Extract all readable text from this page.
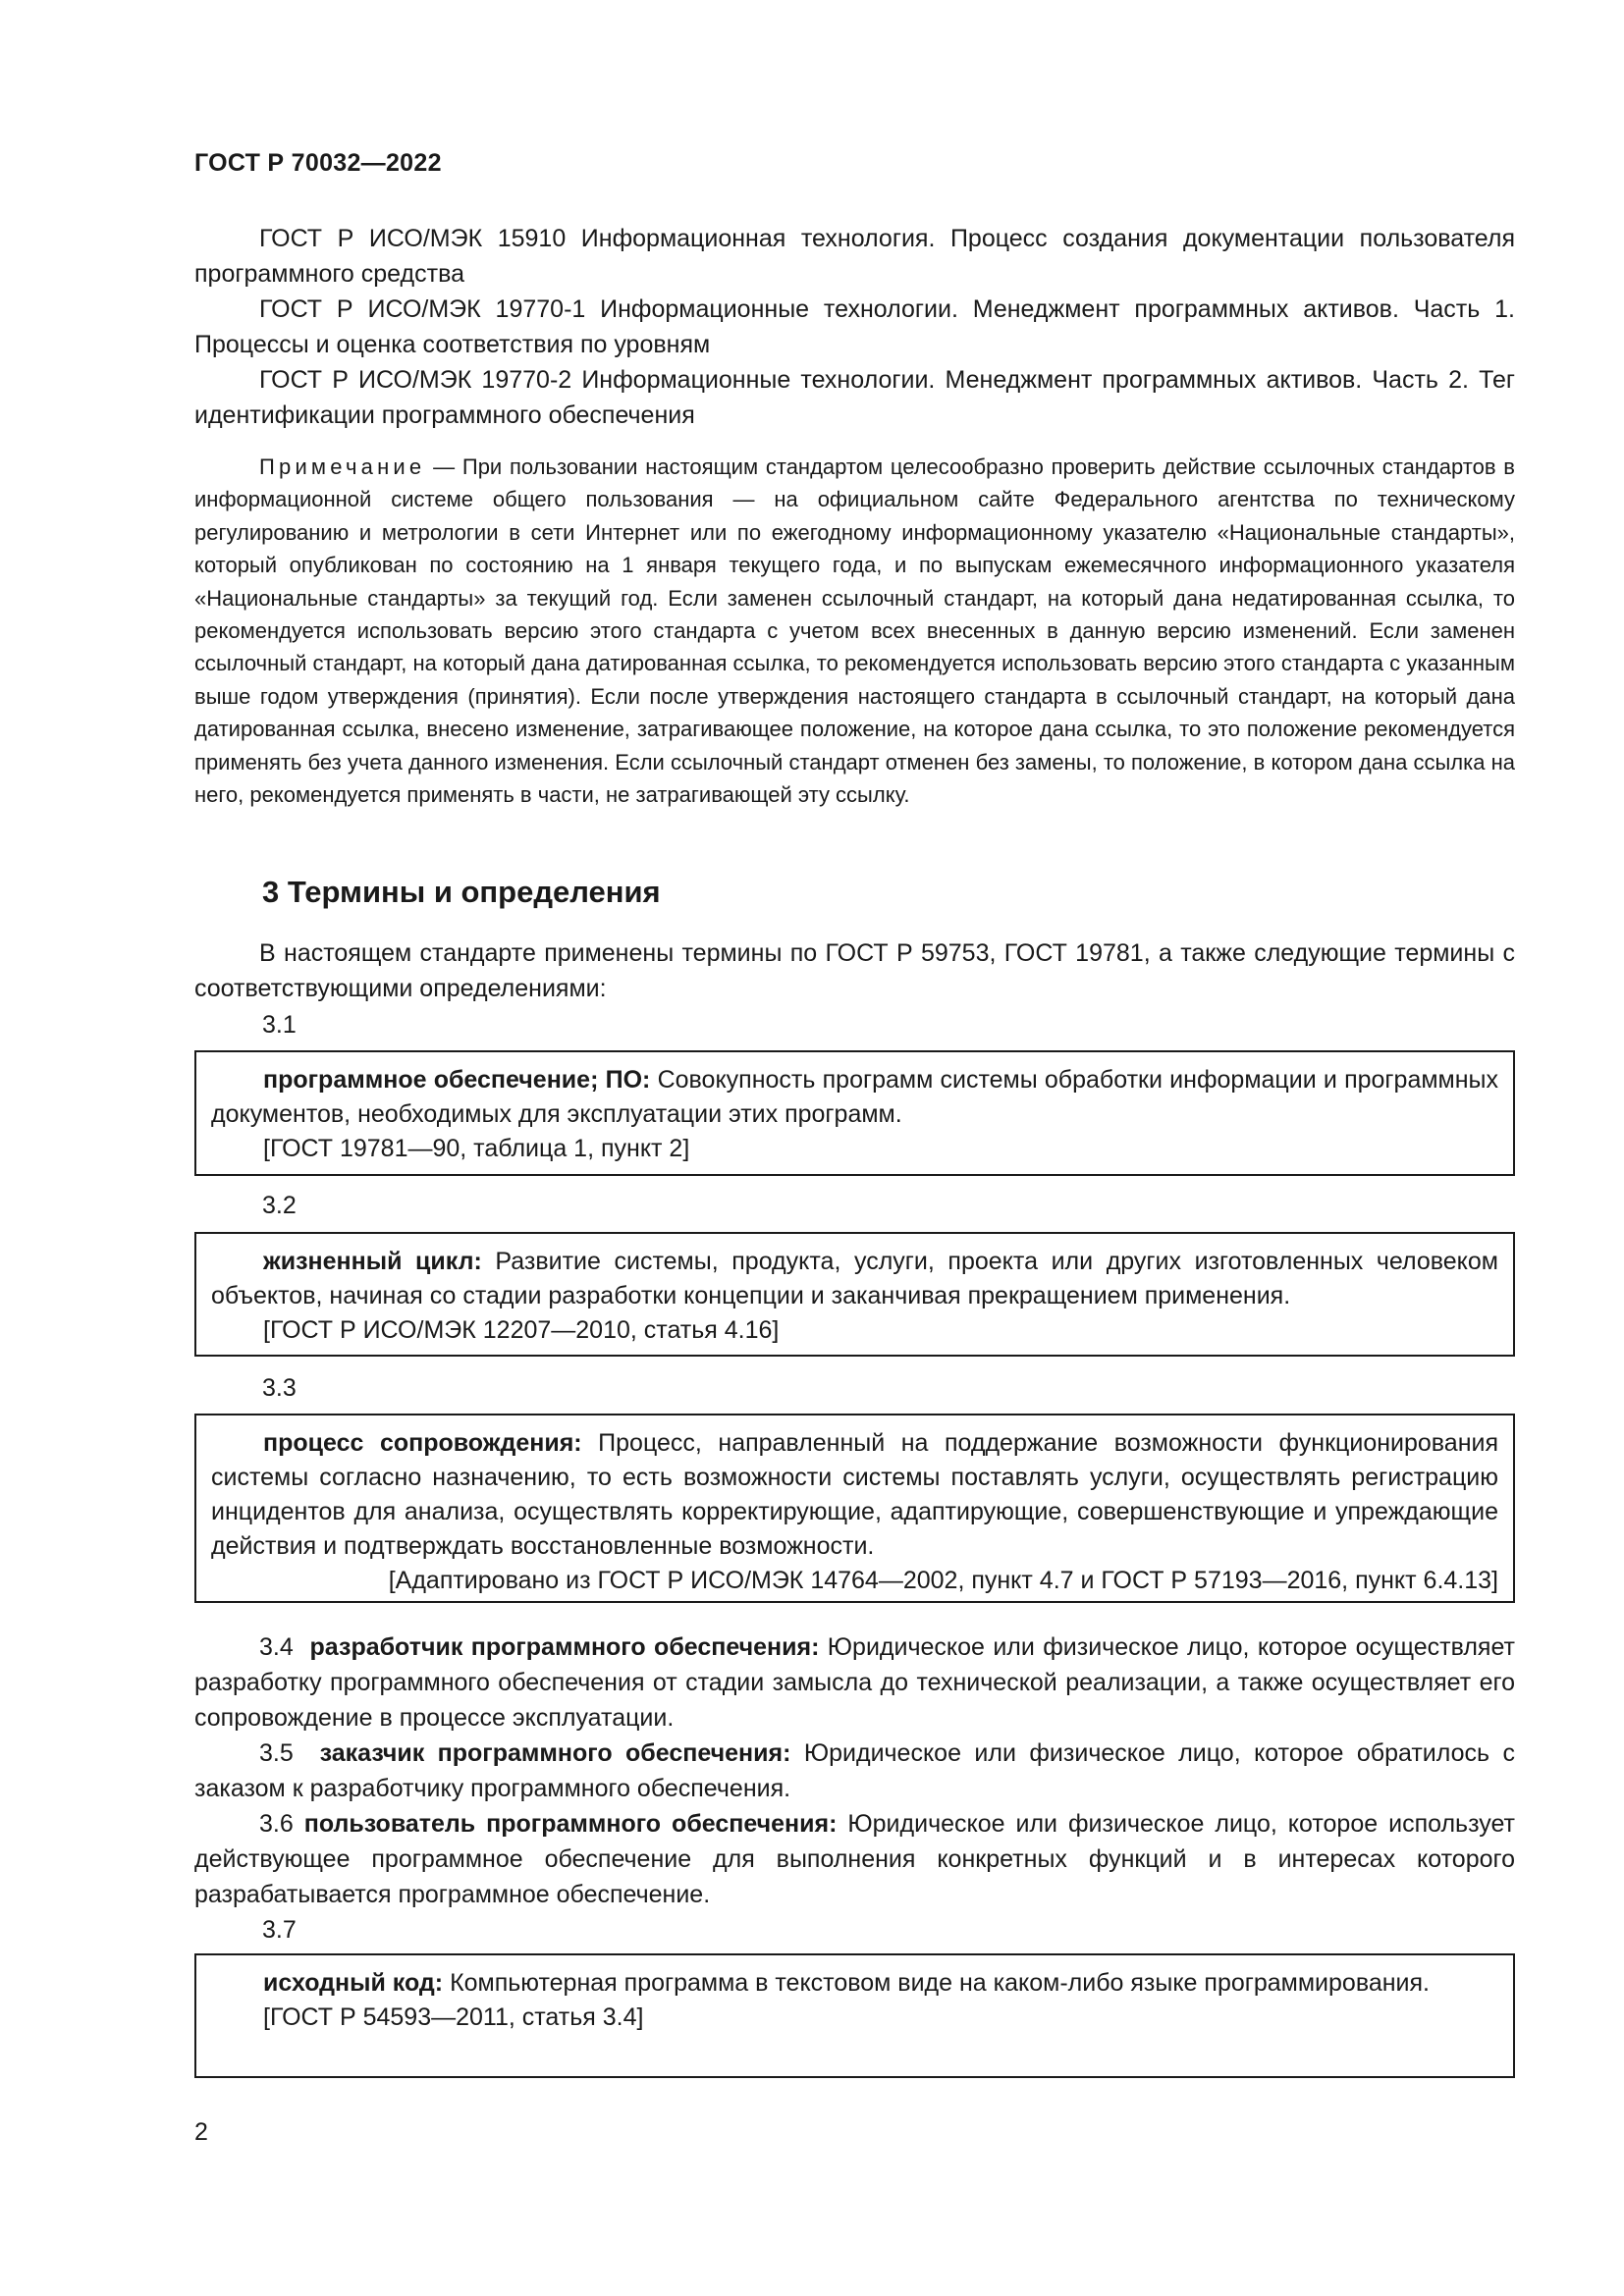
ГОСТ Р 70032—2022

ГОСТ Р ИСО/МЭК 15910 Информационная технология. Процесс создания документации пользователя программного средства

ГОСТ Р ИСО/МЭК 19770-1 Информационные технологии. Менеджмент программных активов. Часть 1. Процессы и оценка соответствия по уровням

ГОСТ Р ИСО/МЭК 19770-2 Информационные технологии. Менеджмент программных активов. Часть 2. Тег идентификации программного обеспечения

Примечание — При пользовании настоящим стандартом целесообразно проверить действие ссылочных стандартов в информационной системе общего пользования — на официальном сайте Федерального агентства по техническому регулированию и метрологии в сети Интернет или по ежегодному информационному указателю «Национальные стандарты», который опубликован по состоянию на 1 января текущего года, и по выпускам ежемесячного информационного указателя «Национальные стандарты» за текущий год. Если заменен ссылочный стандарт, на который дана недатированная ссылка, то рекомендуется использовать версию этого стандарта с учетом всех внесенных в данную версию изменений. Если заменен ссылочный стандарт, на который дана датированная ссылка, то рекомендуется использовать версию этого стандарта с указанным выше годом утверждения (принятия). Если после утверждения настоящего стандарта в ссылочный стандарт, на который дана датированная ссылка, внесено изменение, затрагивающее положение, на которое дана ссылка, то это положение рекомендуется применять без учета данного изменения. Если ссылочный стандарт отменен без замены, то положение, в котором дана ссылка на него, рекомендуется применять в части, не затрагивающей эту ссылку.

3 Термины и определения

В настоящем стандарте применены термины по ГОСТ Р 59753, ГОСТ 19781, а также следующие термины с соответствующими определениями:

3.1

программное обеспечение; ПО: Совокупность программ системы обработки информации и программных документов, необходимых для эксплуатации этих программ.

[ГОСТ 19781—90, таблица 1, пункт 2]

3.2

жизненный цикл: Развитие системы, продукта, услуги, проекта или других изготовленных человеком объектов, начиная со стадии разработки концепции и заканчивая прекращением применения.

[ГОСТ Р ИСО/МЭК 12207—2010, статья 4.16]

3.3

процесс сопровождения: Процесс, направленный на поддержание возможности функционирования системы согласно назначению, то есть возможности системы поставлять услуги, осуществлять регистрацию инцидентов для анализа, осуществлять корректирующие, адаптирующие, совершенствующие и упреждающие действия и подтверждать восстановленные возможности.

[Адаптировано из ГОСТ Р ИСО/МЭК 14764—2002, пункт 4.7 и ГОСТ Р 57193—2016, пункт 6.4.13]

3.4 разработчик программного обеспечения: Юридическое или физическое лицо, которое осуществляет разработку программного обеспечения от стадии замысла до технической реализации, а также осуществляет его сопровождение в процессе эксплуатации.

3.5 заказчик программного обеспечения: Юридическое или физическое лицо, которое обратилось с заказом к разработчику программного обеспечения.

3.6 пользователь программного обеспечения: Юридическое или физическое лицо, которое использует действующее программное обеспечение для выполнения конкретных функций и в интересах которого разрабатывается программное обеспечение.

3.7

исходный код: Компьютерная программа в текстовом виде на каком-либо языке программирования.

[ГОСТ Р 54593—2011, статья 3.4]

2
